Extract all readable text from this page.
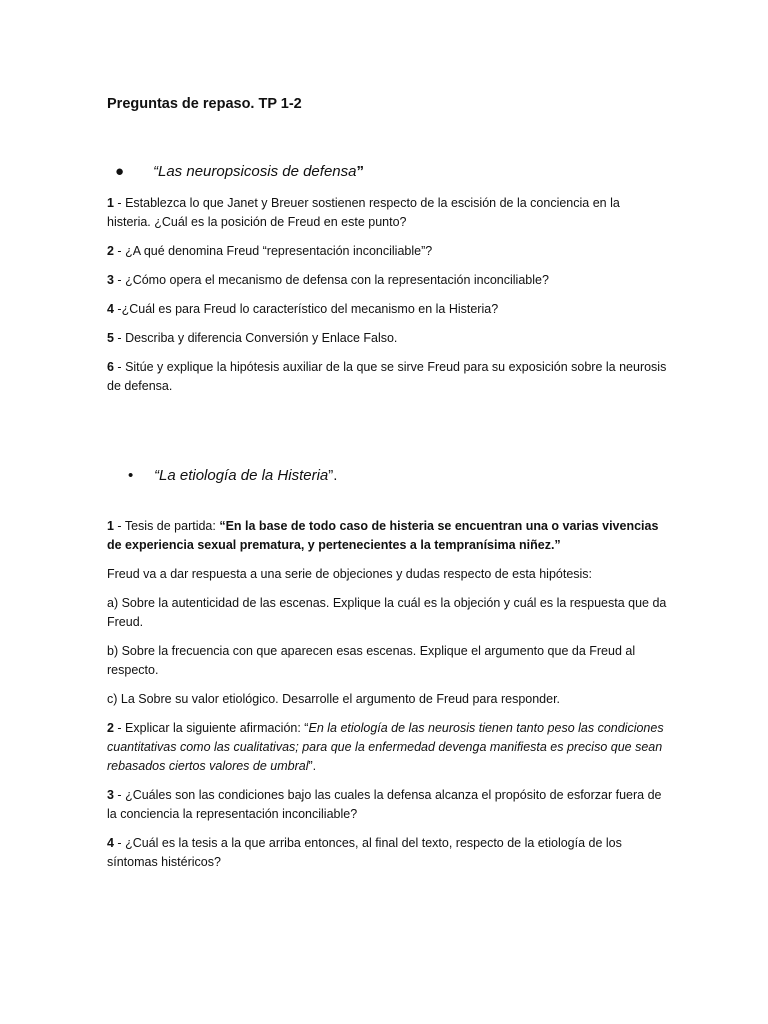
Preguntas de repaso. TP 1-2
● “Las neuropsicosis de defensa”

1 - Establezca lo que Janet y Breuer sostienen respecto de la escisión de la conciencia en la histeria. ¿Cuál es la posición de Freud en este punto?

2 - ¿A qué denomina Freud “representación inconciliable”?

3 - ¿Cómo opera el mecanismo de defensa con la representación inconciliable?

4 -¿Cuál es para Freud lo característico del mecanismo en la Histeria?

5 - Describa y diferencia Conversión y Enlace Falso.

6 - Sitúe y explique la hipótesis auxiliar de la que se sirve Freud para su exposición sobre la neurosis de defensa.

• “La etiología de la Histeria”.

1 - Tesis de partida: “En la base de todo caso de histeria se encuentran una o varias vivencias de experiencia sexual prematura, y pertenecientes a la tempranísima niñez.”

Freud va a dar respuesta a una serie de objeciones y dudas respecto de esta hipótesis:

a) Sobre la autenticidad de las escenas. Explique la cuál es la objeción y cuál es la respuesta que da Freud.

b) Sobre la frecuencia con que aparecen esas escenas. Explique el argumento que da Freud al respecto.

c) La Sobre su valor etiológico. Desarrolle el argumento de Freud para responder.

2 - Explicar la siguiente afirmación: “En la etiología de las neurosis tienen tanto peso las condiciones cuantitativas como las cualitativas; para que la enfermedad devenga manifiesta es preciso que sean rebasados ciertos valores de umbral”.

3 - ¿Cuáles son las condiciones bajo las cuales la defensa alcanza el propósito de esforzar fuera de la conciencia la representación inconciliable?

4 - ¿Cuál es la tesis a la que arriba entonces, al final del texto, respecto de la etiología de los síntomas histéricos?
